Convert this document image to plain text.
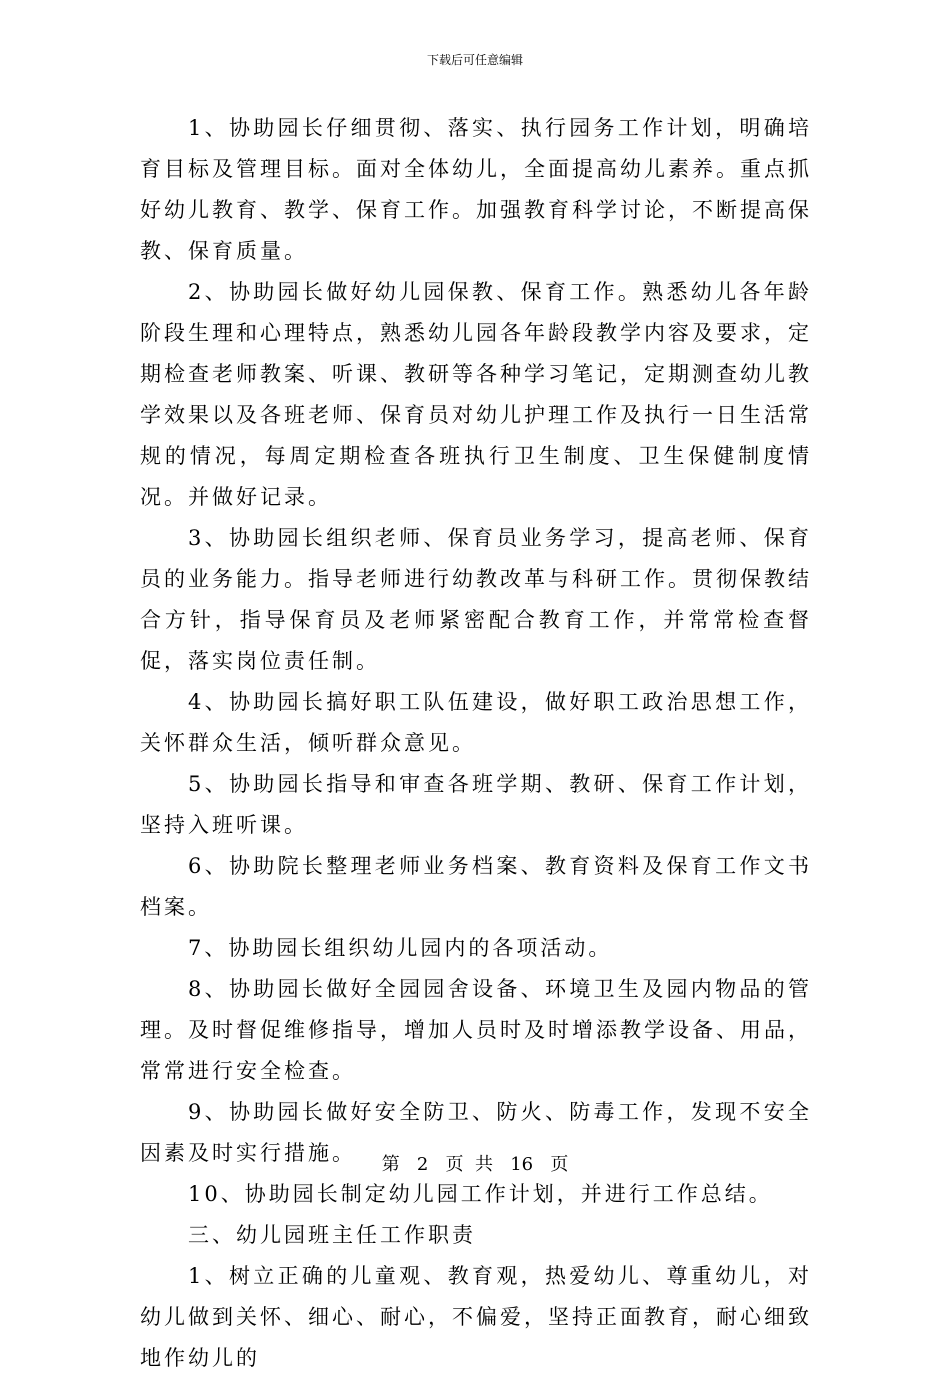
下载后可任意编辑

1、协助园长仔细贯彻、落实、执行园务工作计划，明确培育目标及管理目标。面对全体幼儿，全面提高幼儿素养。重点抓好幼儿教育、教学、保育工作。加强教育科学讨论，不断提高保教、保育质量。

2、协助园长做好幼儿园保教、保育工作。熟悉幼儿各年龄阶段生理和心理特点，熟悉幼儿园各年龄段教学内容及要求，定期检查老师教案、听课、教研等各种学习笔记，定期测查幼儿教学效果以及各班老师、保育员对幼儿护理工作及执行一日生活常规的情况，每周定期检查各班执行卫生制度、卫生保健制度情况。并做好记录。

3、协助园长组织老师、保育员业务学习，提高老师、保育员的业务能力。指导老师进行幼教改革与科研工作。贯彻保教结合方针，指导保育员及老师紧密配合教育工作，并常常检查督促，落实岗位责任制。

4、协助园长搞好职工队伍建设，做好职工政治思想工作，关怀群众生活，倾听群众意见。

5、协助园长指导和审查各班学期、教研、保育工作计划，坚持入班听课。

6、协助院长整理老师业务档案、教育资料及保育工作文书档案。

7、协助园长组织幼儿园内的各项活动。

8、协助园长做好全园园舍设备、环境卫生及园内物品的管理。及时督促维修指导，增加人员时及时增添教学设备、用品，常常进行安全检查。

9、协助园长做好安全防卫、防火、防毒工作，发现不安全因素及时实行措施。

10、协助园长制定幼儿园工作计划，并进行工作总结。

三、幼儿园班主任工作职责

1、树立正确的儿童观、教育观，热爱幼儿、尊重幼儿，对幼儿做到关怀、细心、耐心，不偏爱，坚持正面教育，耐心细致地作幼儿的

第 2 页  共 16 页
